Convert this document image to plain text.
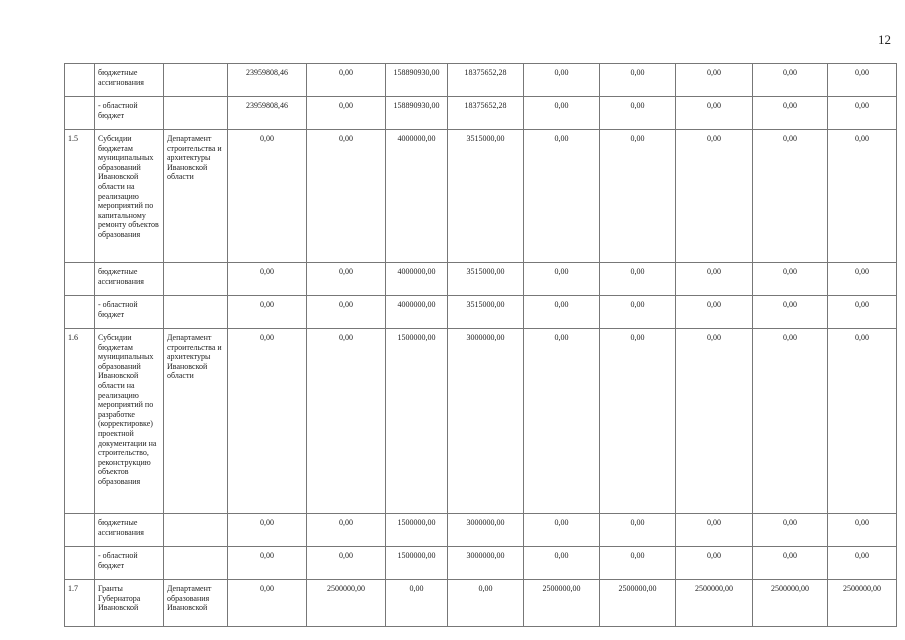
12
	бюджетные ассигнования		23959808,46	0,00	158890930,00	18375652,28	0,00	0,00	0,00	0,00	0,00
	- областной бюджет		23959808,46	0,00	158890930,00	18375652,28	0,00	0,00	0,00	0,00	0,00
1.5	Субсидии бюджетам муниципальных образований Ивановской области на реализацию мероприятий по капитальному ремонту объектов образования	Департамент строительства и архитектуры Ивановской области	0,00	0,00	4000000,00	3515000,00	0,00	0,00	0,00	0,00	0,00
	бюджетные ассигнования		0,00	0,00	4000000,00	3515000,00	0,00	0,00	0,00	0,00	0,00
	- областной бюджет		0,00	0,00	4000000,00	3515000,00	0,00	0,00	0,00	0,00	0,00
1.6	Субсидии бюджетам муниципальных образований Ивановской области на реализацию мероприятий по разработке (корректировке) проектной документации на строительство, реконструкцию объектов образования	Департамент строительства и архитектуры Ивановской области	0,00	0,00	1500000,00	3000000,00	0,00	0,00	0,00	0,00	0,00
	бюджетные ассигнования		0,00	0,00	1500000,00	3000000,00	0,00	0,00	0,00	0,00	0,00
	- областной бюджет		0,00	0,00	1500000,00	3000000,00	0,00	0,00	0,00	0,00	0,00
1.7	Гранты Губернатора Ивановской	Департамент образования Ивановской	0,00	2500000,00	0,00	0,00	2500000,00	2500000,00	2500000,00	2500000,00	2500000,00
